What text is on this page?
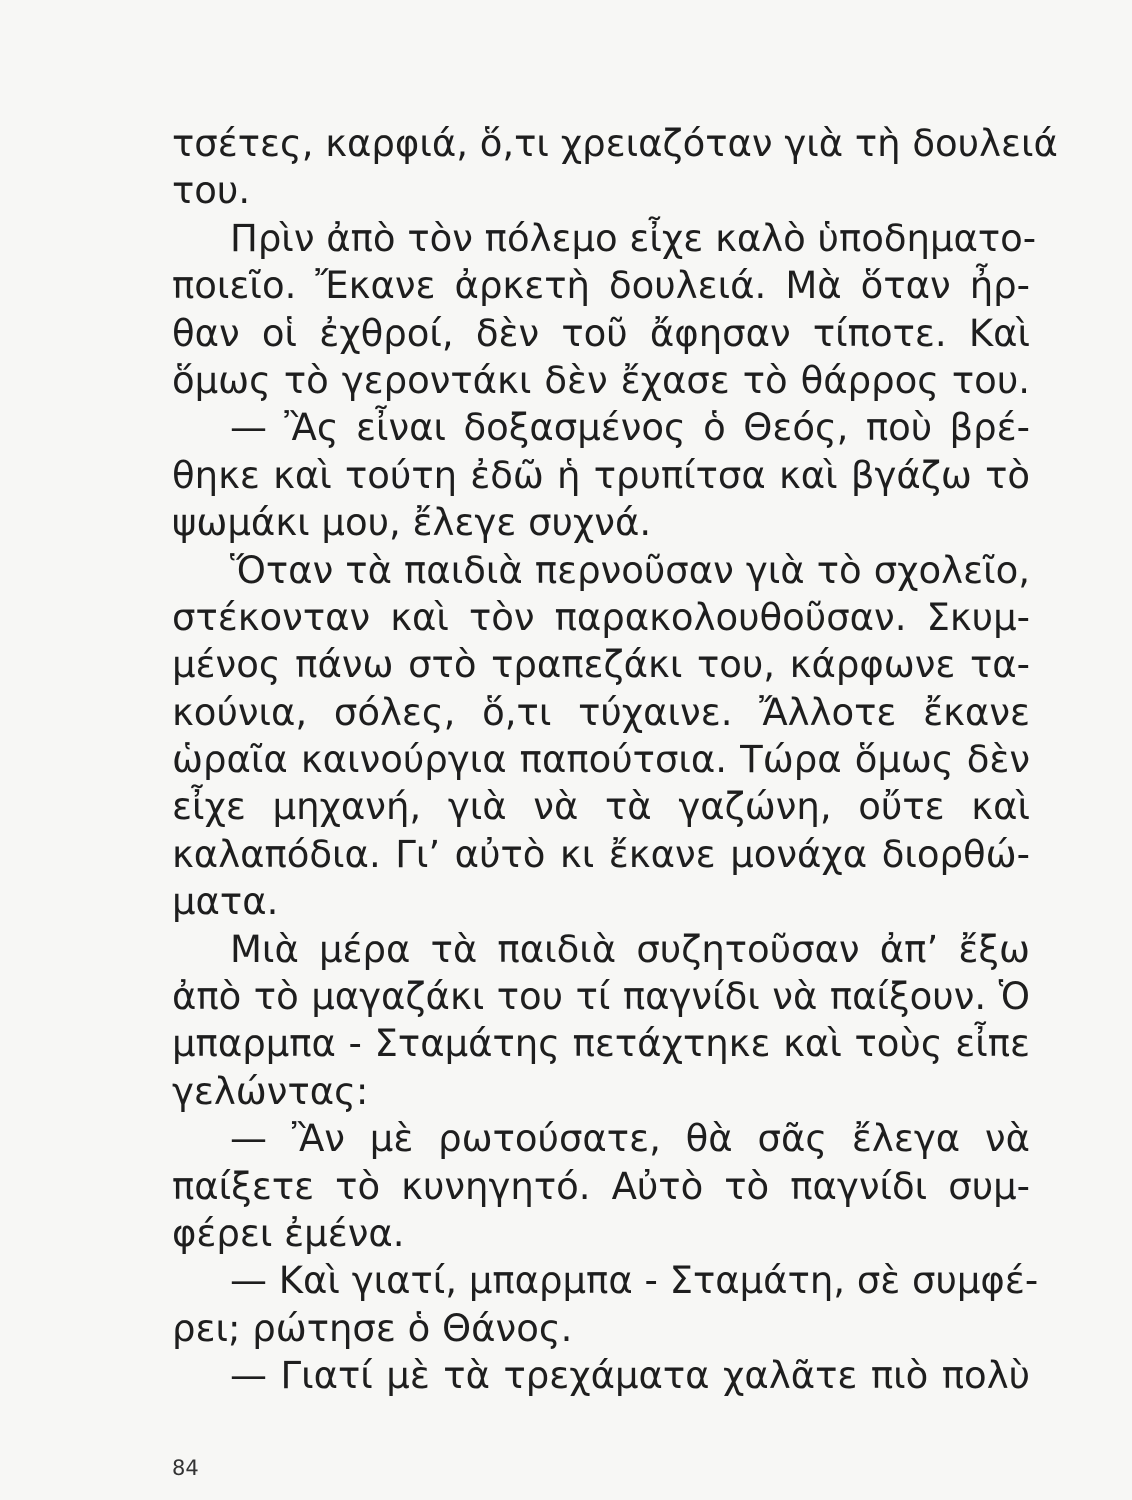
τσέτες, καρφιά, ὅ,τι χρειαζόταν γιὰ τὴ δουλειά
του.
Πρὶν ἀπὸ τὸν πόλεμο εἶχε καλὸ ὑποδηματο-
ποιεῖο. Ἔκανε ἀρκετὴ δουλειά. Μὰ ὅταν ἦρ-
θαν οἱ ἐχθροί, δὲν τοῦ ἄφησαν τίποτε. Καὶ
ὅμως τὸ γεροντάκι δὲν ἔχασε τὸ θάρρος του.
— Ἂς εἶναι δοξασμένος ὁ Θεός, ποὺ βρέ-
θηκε καὶ τούτη ἐδῶ ἡ τρυπίτσα καὶ βγάζω τὸ
ψωμάκι μου, ἔλεγε συχνά.
Ὅταν τὰ παιδιὰ περνοῦσαν γιὰ τὸ σχολεῖο,
στέκονταν καὶ τὸν παρακολουθοῦσαν. Σκυμ-
μένος πάνω στὸ τραπεζάκι του, κάρφωνε τα-
κούνια, σόλες, ὅ,τι τύχαινε. Ἄλλοτε ἔκανε
ὡραῖα καινούργια παπούτσια. Τώρα ὅμως δὲν
εἶχε μηχανή, γιὰ νὰ τὰ γαζώνη, οὔτε καὶ
καλαπόδια. Γι’ αὐτὸ κι ἔκανε μονάχα διορθώ-
ματα.
Μιὰ μέρα τὰ παιδιὰ συζητοῦσαν ἀπ’ ἔξω
ἀπὸ τὸ μαγαζάκι του τί παγνίδι νὰ παίξουν. Ὁ
μπαρμπα - Σταμάτης πετάχτηκε καὶ τοὺς εἶπε
γελώντας:
— Ἂν μὲ ρωτούσατε, θὰ σᾶς ἔλεγα νὰ
παίξετε τὸ κυνηγητό. Αὐτὸ τὸ παγνίδι συμ-
φέρει ἐμένα.
— Καὶ γιατί, μπαρμπα - Σταμάτη, σὲ συμφέ-
ρει; ρώτησε ὁ Θάνος.
— Γιατί μὲ τὰ τρεχάματα χαλᾶτε πιὸ πολὺ
84
